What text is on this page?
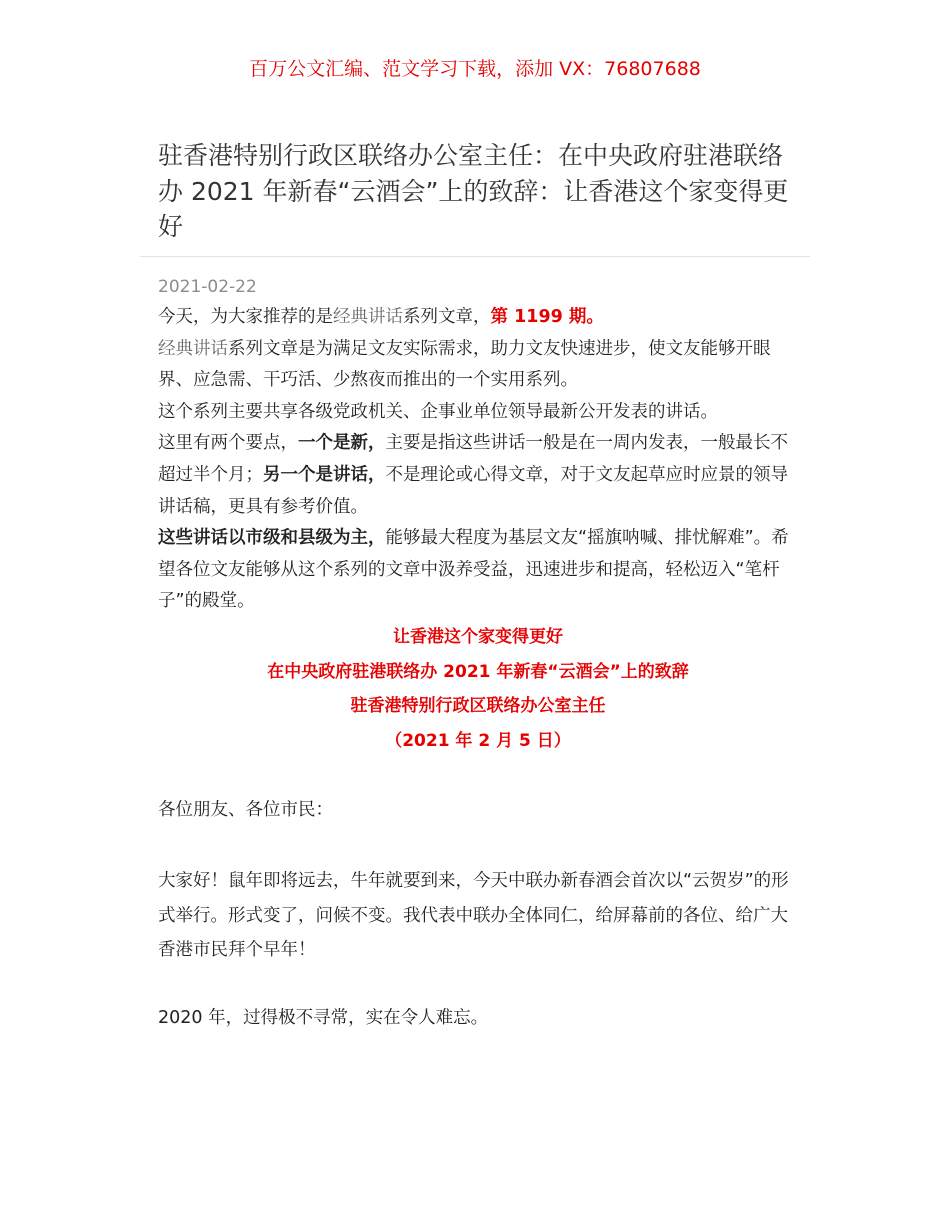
百万公文汇编、范文学习下载，添加 VX：76807688
驻香港特别行政区联络办公室主任：在中央政府驻港联络办 2021 年新春“云酒会”上的致辞：让香港这个家变得更好
2021-02-22

今天，为大家推荐的是经典讲话系列文章，第 1199 期。

经典讲话系列文章是为满足文友实际需求，助力文友快速进步，使文友能够开眼界、应急需、干巧活、少熬夜而推出的一个实用系列。

这个系列主要共享各级党政机关、企事业单位领导最新公开发表的讲话。

这里有两个要点，一个是新，主要是指这些讲话一般是在一周内发表，一般最长不超过半个月；另一个是讲话，不是理论或心得文章，对于文友起草应时应景的领导讲话稿，更具有参考价值。

这些讲话以市级和县级为主，能够最大程度为基层文友“摇旗呐喊、排忧解难”。希望各位文友能够从这个系列的文章中汲养受益，迅速进步和提高，轻松迈入“笔杆子”的殿堂。

让香港这个家变得更好
在中央政府驻港联络办 2021 年新春“云酒会”上的致辞
驻香港特别行政区联络办公室主任
（2021 年 2 月 5 日）

各位朋友、各位市民：

大家好！鼠年即将远去，牛年就要到来，今天中联办新春酒会首次以“云贺岁”的形式举行。形式变了，问候不变。我代表中联办全体同仁，给屏幕前的各位、给广大香港市民拜个早年！

2020 年，过得极不寻常，实在令人难忘。
